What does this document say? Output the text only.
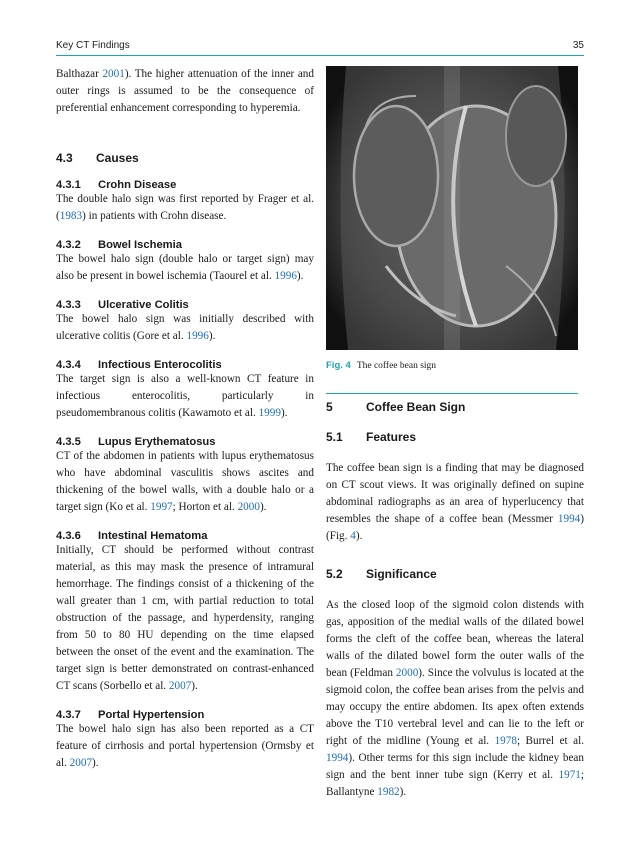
Key CT Findings	35

Balthazar 2001). The higher attenuation of the inner and outer rings is assumed to be the consequence of preferential enhancement corresponding to hyperemia.

4.3 Causes
4.3.1 Crohn Disease

The double halo sign was first reported by Frager et al. (1983) in patients with Crohn disease.

4.3.2 Bowel Ischemia

The bowel halo sign (double halo or target sign) may also be present in bowel ischemia (Taourel et al. 1996).

4.3.3 Ulcerative Colitis

The bowel halo sign was initially described with ulcerative colitis (Gore et al. 1996).

4.3.4 Infectious Enterocolitis

The target sign is also a well-known CT feature in infectious enterocolitis, particularly in pseudomembranous colitis (Kawamoto et al. 1999).

4.3.5 Lupus Erythematosus

CT of the abdomen in patients with lupus erythematosus who have abdominal vasculitis shows ascites and thickening of the bowel walls, with a double halo or a target sign (Ko et al. 1997; Horton et al. 2000).

4.3.6 Intestinal Hematoma

Initially, CT should be performed without contrast material, as this may mask the presence of intramural hemorrhage. The findings consist of a thickening of the wall greater than 1 cm, with partial reduction to total obstruction of the passage, and hyperdensity, ranging from 50 to 80 HU depending on the time elapsed between the onset of the event and the examination. The target sign is better demonstrated on contrast-enhanced CT scans (Sorbello et al. 2007).

4.3.7 Portal Hypertension

The bowel halo sign has also been reported as a CT feature of cirrhosis and portal hypertension (Ormsby et al. 2007).

Fig. 4 The coffee bean sign
5	Coffee Bean Sign
5.1 Features

The coffee bean sign is a finding that may be diagnosed on CT scout views. It was originally defined on supine abdominal radiographs as an area of hyperlucency that resembles the shape of a coffee bean (Messmer 1994) (Fig. 4).

5.2 Significance

As the closed loop of the sigmoid colon distends with gas, apposition of the medial walls of the dilated bowel forms the cleft of the coffee bean, whereas the lateral walls of the dilated bowel form the outer walls of the bean (Feldman 2000). Since the volvulus is located at the sigmoid colon, the coffee bean arises from the pelvis and may occupy the entire abdomen. Its apex often extends above the T10 vertebral level and can lie to the left or right of the midline (Young et al. 1978; Burrel et al. 1994). Other terms for this sign include the kidney bean sign and the bent inner tube sign (Kerry et al. 1971; Ballantyne 1982).
